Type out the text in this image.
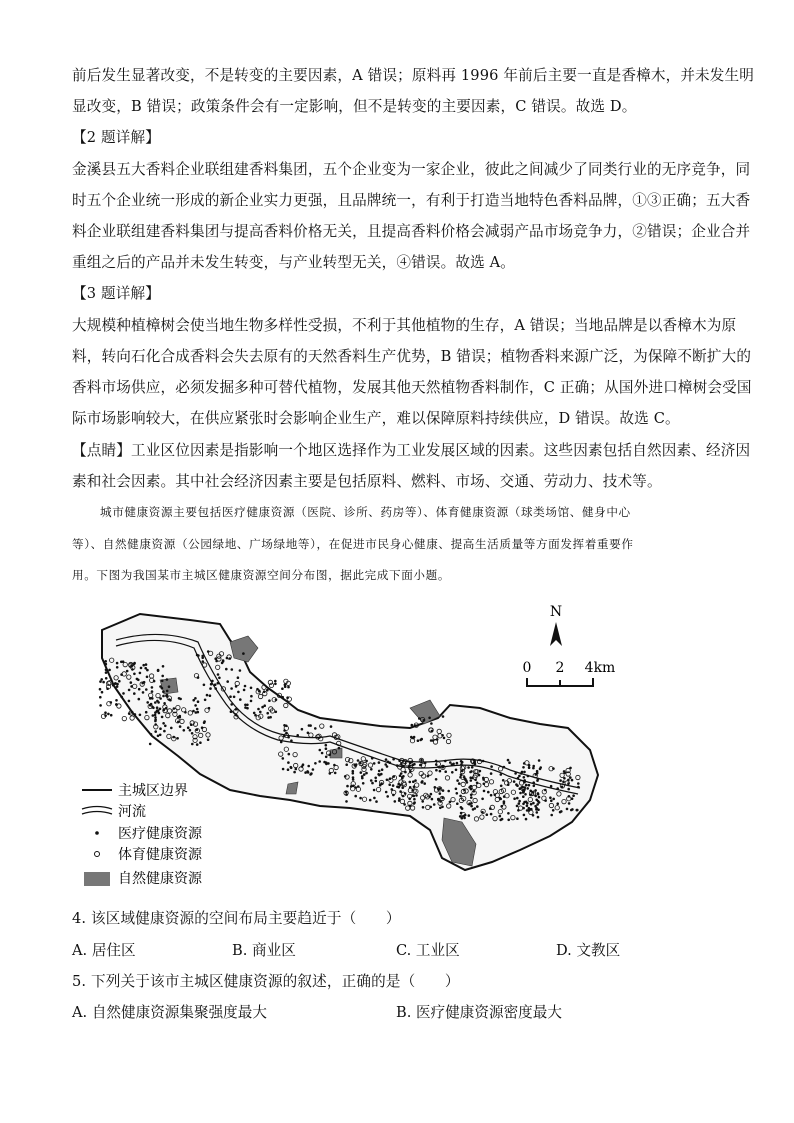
前后发生显著改变，不是转变的主要因素，A 错误；原料再 1996 年前后主要一直是香樟木，并未发生明
显改变，B 错误；政策条件会有一定影响，但不是转变的主要因素，C 错误。故选 D。
【2 题详解】
金溪县五大香料企业联组建香料集团，五个企业变为一家企业，彼此之间减少了同类行业的无序竞争，同
时五个企业统一形成的新企业实力更强，且品牌统一，有利于打造当地特色香料品牌，①③正确；五大香
料企业联组建香料集团与提高香料价格无关，且提高香料价格会减弱产品市场竞争力，②错误；企业合并
重组之后的产品并未发生转变，与产业转型无关，④错误。故选 A。
【3 题详解】
大规模种植樟树会使当地生物多样性受损，不利于其他植物的生存，A 错误；当地品牌是以香樟木为原
料，转向石化合成香料会失去原有的天然香料生产优势，B 错误；植物香料来源广泛，为保障不断扩大的
香料市场供应，必须发掘多种可替代植物，发展其他天然植物香料制作，C 正确；从国外进口樟树会受国
际市场影响较大，在供应紧张时会影响企业生产，难以保障原料持续供应，D 错误。故选 C。
【点睛】工业区位因素是指影响一个地区选择作为工业发展区域的因素。这些因素包括自然因素、经济因
素和社会因素。其中社会经济因素主要是包括原料、燃料、市场、交通、劳动力、技术等。
城市健康资源主要包括医疗健康资源（医院、诊所、药房等）、体育健康资源（球类场馆、健身中心
等）、自然健康资源（公园绿地、广场绿地等），在促进市民身心健康、提高生活质量等方面发挥着重要作
用。下图为我国某市主城区健康资源空间分布图，据此完成下面小题。
N
0 2 4km
主城区边界
河流
医疗健康资源
体育健康资源
自然健康资源
4. 该区域健康资源的空间布局主要趋近于（　　）
A. 居住区	B. 商业区	C. 工业区	D. 文教区
5. 下列关于该市主城区健康资源的叙述，正确的是（　　）
A. 自然健康资源集聚强度最大	B. 医疗健康资源密度最大
